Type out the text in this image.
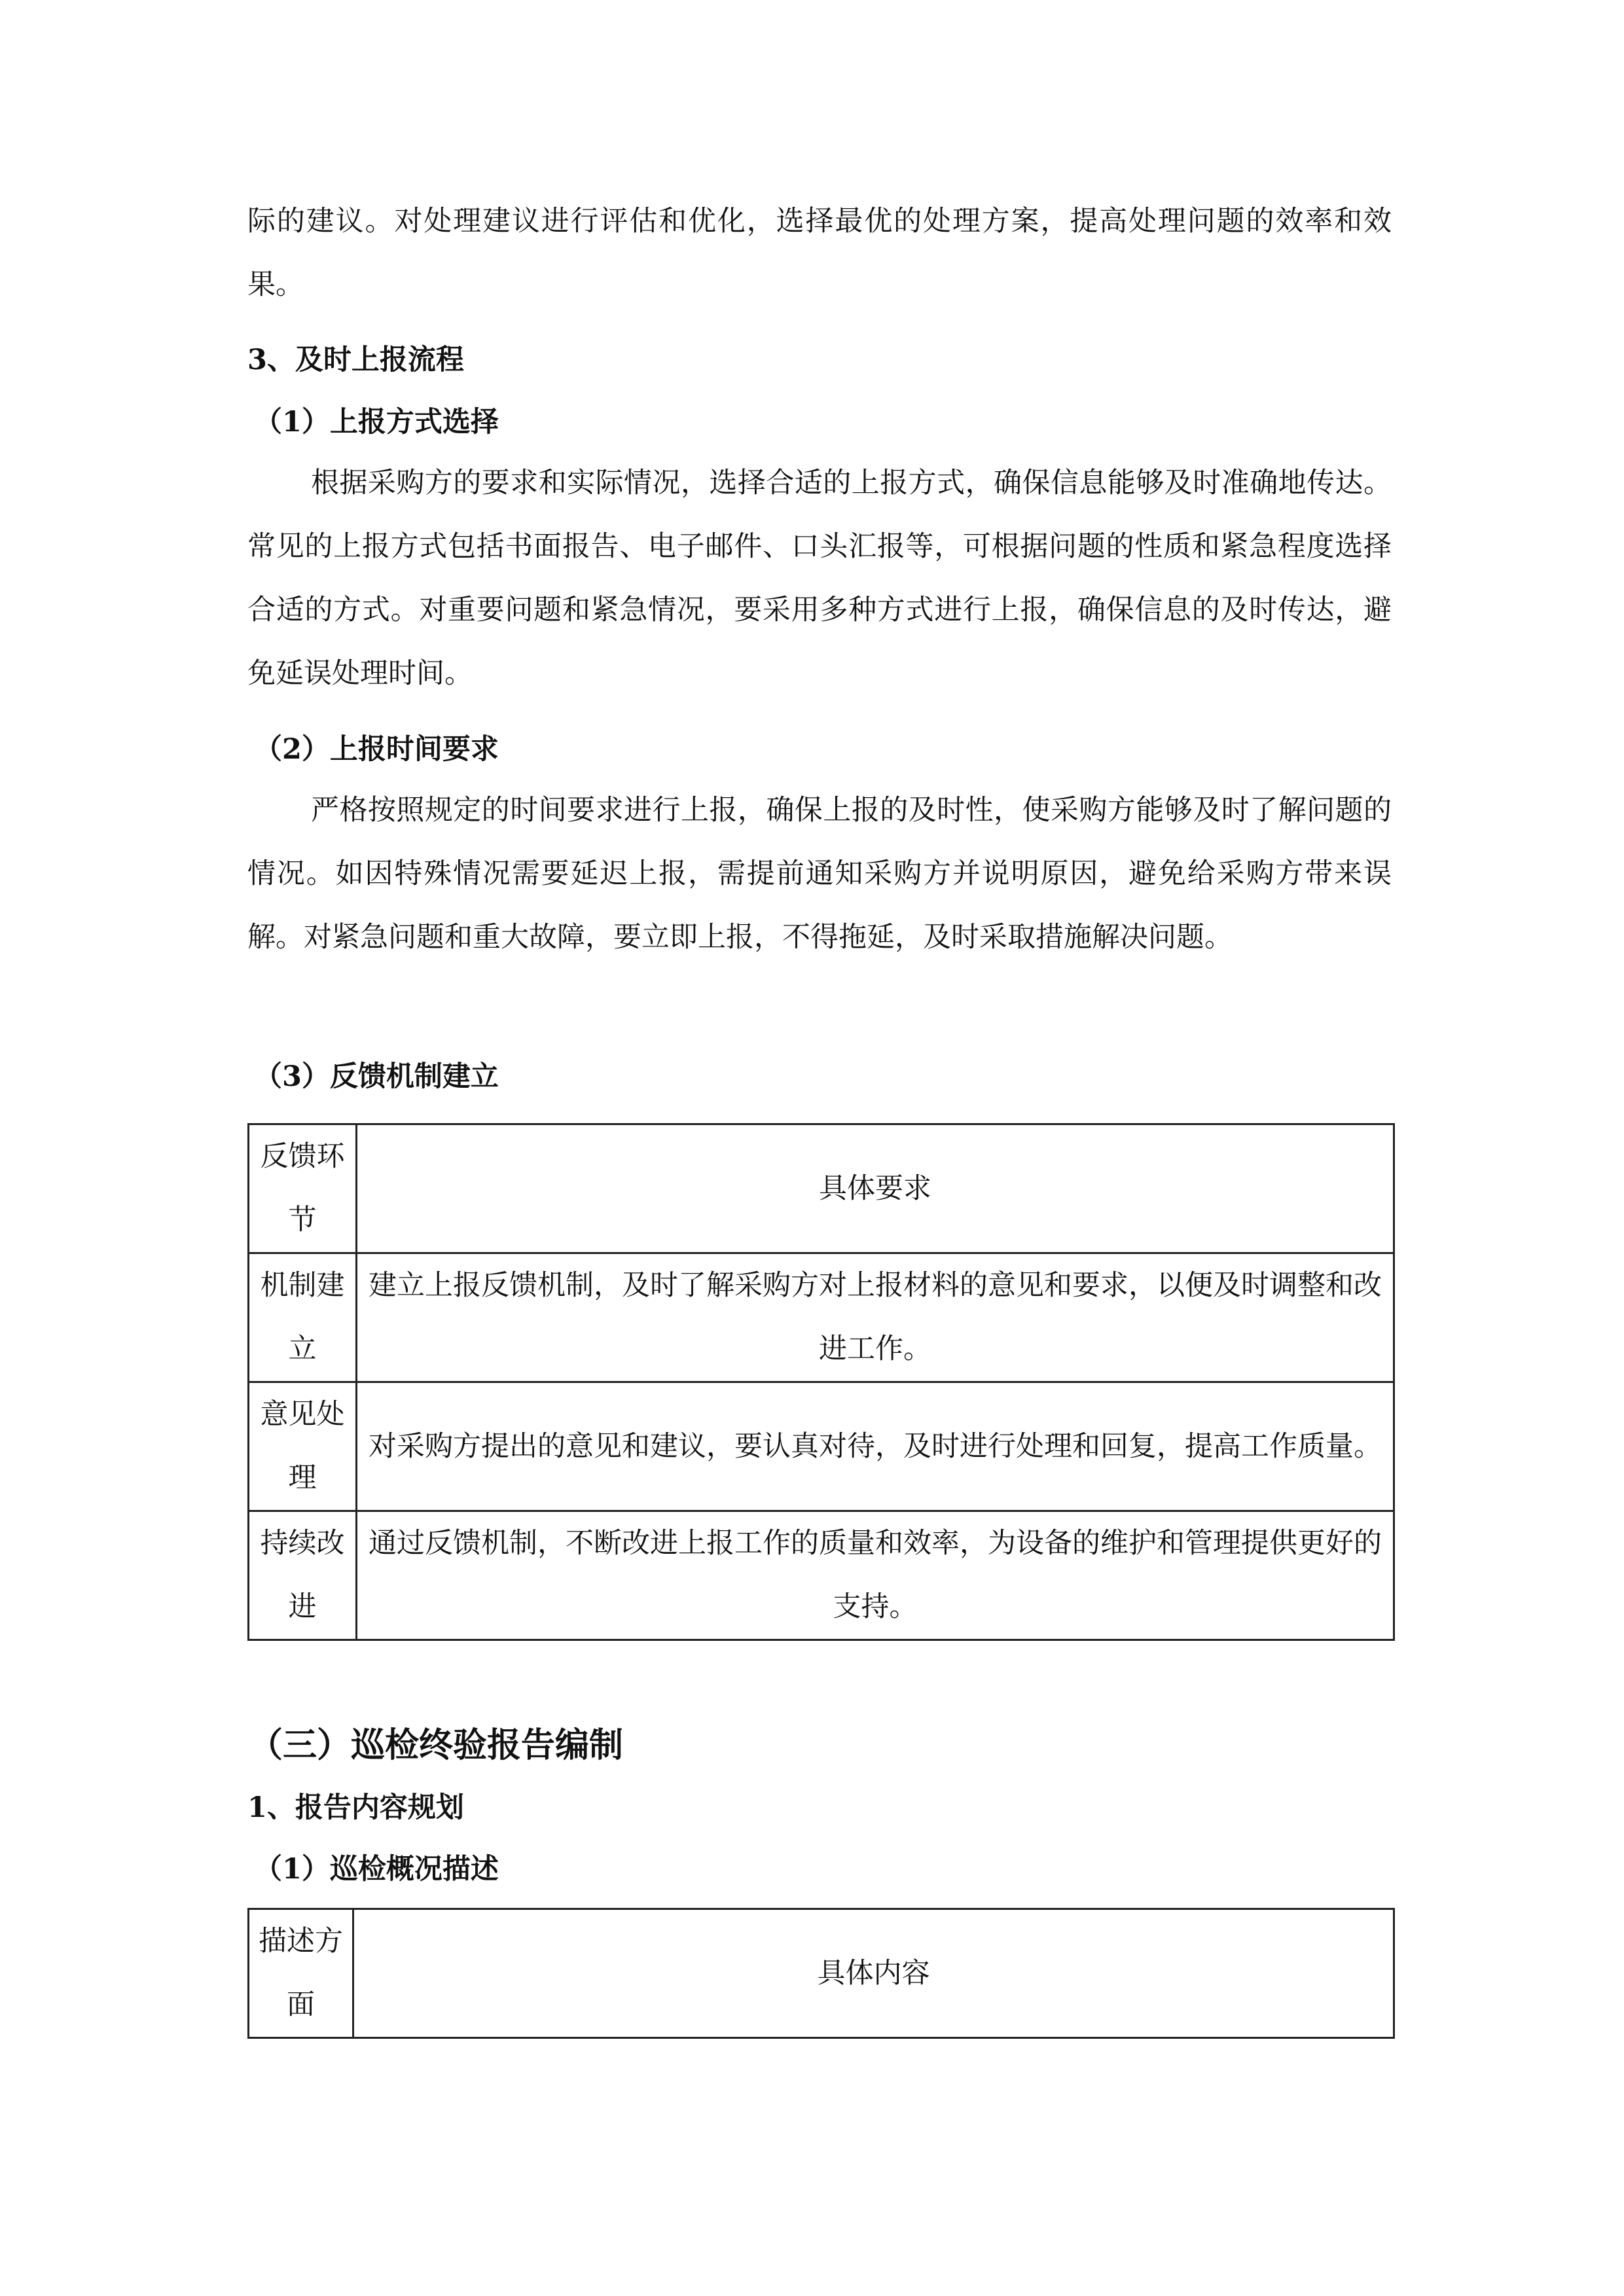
际的建议。对处理建议进行评估和优化，选择最优的处理方案，提高处理问题的效率和效果。

3、及时上报流程
（1）上报方式选择

根据采购方的要求和实际情况，选择合适的上报方式，确保信息能够及时准确地传达。常见的上报方式包括书面报告、电子邮件、口头汇报等，可根据问题的性质和紧急程度选择合适的方式。对重要问题和紧急情况，要采用多种方式进行上报，确保信息的及时传达，避免延误处理时间。

（2）上报时间要求

严格按照规定的时间要求进行上报，确保上报的及时性，使采购方能够及时了解问题的情况。如因特殊情况需要延迟上报，需提前通知采购方并说明原因，避免给采购方带来误解。对紧急问题和重大故障，要立即上报，不得拖延，及时采取措施解决问题。

（3）反馈机制建立
反馈环节	具体要求
机制建立	建立上报反馈机制，及时了解采购方对上报材料的意见和要求，以便及时调整和改进工作。
意见处理	对采购方提出的意见和建议，要认真对待，及时进行处理和回复，提高工作质量。
持续改进	通过反馈机制，不断改进上报工作的质量和效率，为设备的维护和管理提供更好的支持。
（三）巡检终验报告编制
1、报告内容规划
（1）巡检概况描述
描述方面	具体内容
